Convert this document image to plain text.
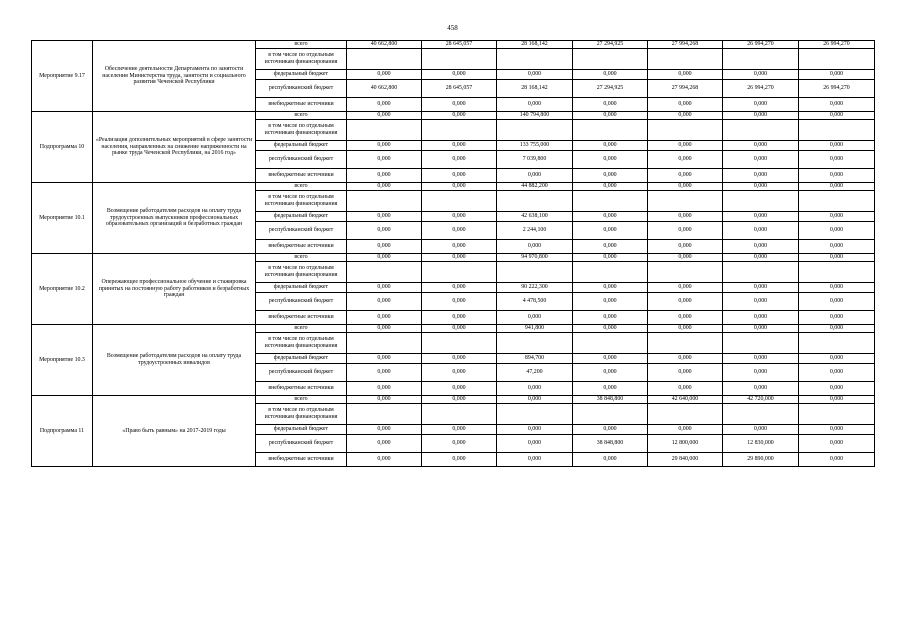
458
Мероприятие 9.17	Обеспечение деятельности Департамента по занятости населения Министерства труда, занятости и социального развития Чеченской Республики	всего	40 662,800	28 645,057	28 168,142	27 294,925	27 994,268	26 994,270	26 994,270
		в том числе по отдельным источникам финансирования							
		федеральный бюджет	0,000	0,000	0,000	0,000	0,000	0,000	0,000
		республиканский бюджет	40 662,800	28 645,057	28 168,142	27 294,925	27 994,268	26 994,270	26 994,270
		внебюджетные источники	0,000	0,000	0,000	0,000	0,000	0,000	0,000
Подпрограмма 10	«Реализация дополнительных мероприятий в сфере занятости населения, направленных на снижение напряженности на рынке труда Чеченской Республики, на 2016 год»	всего	0,000	0,000	140 794,800	0,000	0,000	0,000	0,000
		в том числе по отдельным источникам финансирования							
		федеральный бюджет	0,000	0,000	133 755,000	0,000	0,000	0,000	0,000
		республиканский бюджет	0,000	0,000	7 039,800	0,000	0,000	0,000	0,000
		внебюджетные источники	0,000	0,000	0,000	0,000	0,000	0,000	0,000
Мероприятие 10.1	Возмещение работодателям расходов на оплату труда трудоустроенных выпускников профессиональных образовательных организаций и безработных граждан	всего	0,000	0,000	44 882,200	0,000	0,000	0,000	0,000
		в том числе по отдельным источникам финансирования							
		федеральный бюджет	0,000	0,000	42 638,100	0,000	0,000	0,000	0,000
		республиканский бюджет	0,000	0,000	2 244,100	0,000	0,000	0,000	0,000
		внебюджетные источники	0,000	0,000	0,000	0,000	0,000	0,000	0,000
Мероприятие 10.2	Опережающее профессиональное обучение и стажировка принятых на постоянную работу работников и безработных граждан	всего	0,000	0,000	94 970,800	0,000	0,000	0,000	0,000
		в том числе по отдельным источникам финансирования							
		федеральный бюджет	0,000	0,000	90 222,300	0,000	0,000	0,000	0,000
		республиканский бюджет	0,000	0,000	4 478,500	0,000	0,000	0,000	0,000
		внебюджетные источники	0,000	0,000	0,000	0,000	0,000	0,000	0,000
Мероприятие 10.3	Возмещение работодателям расходов на оплату труда трудоустроенных инвалидов	всего	0,000	0,000	941,800	0,000	0,000	0,000	0,000
		в том числе по отдельным источникам финансирования							
		федеральный бюджет	0,000	0,000	894,700	0,000	0,000	0,000	0,000
		республиканский бюджет	0,000	0,000	47,200	0,000	0,000	0,000	0,000
		внебюджетные источники	0,000	0,000	0,000	0,000	0,000	0,000	0,000
Подпрограмма 11	«Право быть равным» на 2017-2019 годы	всего	0,000	0,000	0,000	38 848,800	42 640,000	42 720,000	0,000
		в том числе по отдельным источникам финансирования							
		федеральный бюджет	0,000	0,000	0,000	0,000	0,000	0,000	0,000
		республиканский бюджет	0,000	0,000	0,000	38 848,800	12 800,000	12 830,000	0,000
		внебюджетные источники	0,000	0,000	0,000	0,000	29 840,000	29 890,000	0,000
